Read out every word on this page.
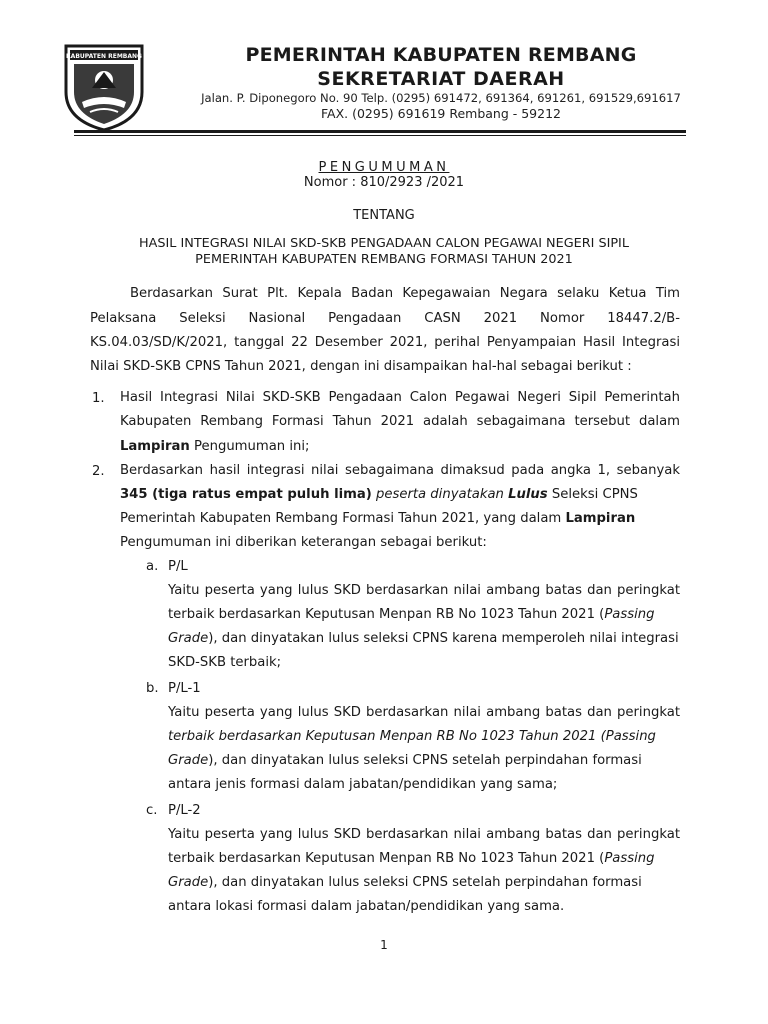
KABUPATEN REMBANG	PEMERINTAH KABUPATEN REMBANG
SEKRETARIAT DAERAH
Jalan. P. Diponegoro No. 90 Telp. (0295) 691472, 691364, 691261, 691529,691617
FAX. (0295) 691619 Rembang - 59212
PENGUMUMAN
Nomor : 810/2923 /2021
TENTANG
HASIL INTEGRASI NILAI SKD-SKB PENGADAAN CALON PEGAWAI NEGERI SIPIL
PEMERINTAH KABUPATEN REMBANG FORMASI TAHUN 2021
Berdasarkan Surat Plt. Kepala Badan Kepegawaian Negara selaku Ketua Tim
Pelaksana Seleksi Nasional Pengadaan CASN 2021 Nomor 18447.2/B-
KS.04.03/SD/K/2021, tanggal 22 Desember 2021, perihal Penyampaian Hasil Integrasi
Nilai SKD-SKB CPNS Tahun 2021, dengan ini disampaikan hal-hal sebagai berikut :
1. Hasil Integrasi Nilai SKD-SKB Pengadaan Calon Pegawai Negeri Sipil Pemerintah
Kabupaten Rembang Formasi Tahun 2021 adalah sebagaimana tersebut dalam
Lampiran Pengumuman ini;
2. Berdasarkan hasil integrasi nilai sebagaimana dimaksud pada angka 1, sebanyak
345 (tiga ratus empat puluh lima) peserta dinyatakan Lulus Seleksi CPNS
Pemerintah Kabupaten Rembang Formasi Tahun 2021, yang dalam Lampiran
Pengumuman ini diberikan keterangan sebagai berikut:
a. P/L
Yaitu peserta yang lulus SKD berdasarkan nilai ambang batas dan peringkat
terbaik berdasarkan Keputusan Menpan RB No 1023 Tahun 2021 (Passing
Grade), dan dinyatakan lulus seleksi CPNS karena memperoleh nilai integrasi
SKD-SKB terbaik;
b. P/L-1
Yaitu peserta yang lulus SKD berdasarkan nilai ambang batas dan peringkat
terbaik berdasarkan Keputusan Menpan RB No 1023 Tahun 2021 (Passing
Grade), dan dinyatakan lulus seleksi CPNS setelah perpindahan formasi
antara jenis formasi dalam jabatan/pendidikan yang sama;
c. P/L-2
Yaitu peserta yang lulus SKD berdasarkan nilai ambang batas dan peringkat
terbaik berdasarkan Keputusan Menpan RB No 1023 Tahun 2021 (Passing
Grade), dan dinyatakan lulus seleksi CPNS setelah perpindahan formasi
antara lokasi formasi dalam jabatan/pendidikan yang sama.
1
